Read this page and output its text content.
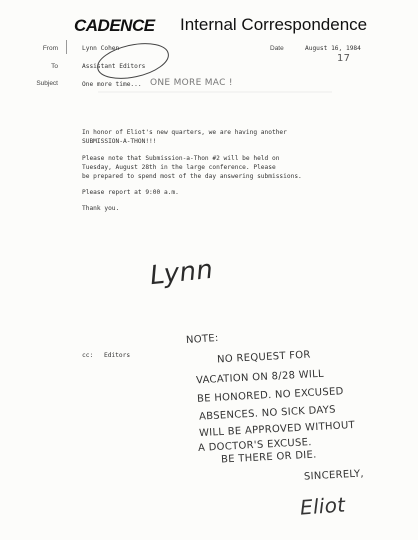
CADENCE Internal Correspondence
From
To
Subject
Lynn Cohen
Assistant Editors
One more time... ONE MORE MAC !
Date	August 16, 1984
17
In honor of Eliot's new quarters, we are having another
SUBMISSION-A-THON!!!
Please note that Submission-a-Thon #2 will be held on
Tuesday, August 28th in the large conference. Please
be prepared to spend most of the day answering submissions.
Please report at 9:00 a.m.
Thank you.
Lynn
cc: Editors
NOTE:
NO REQUEST FOR
VACATION ON 8/28 WILL
BE HONORED. NO EXCUSED
ABSENCES. NO SICK DAYS
WILL BE APPROVED WITHOUT
A DOCTOR'S EXCUSE.
BE THERE OR DIE.
SINCERELY,
Eliot
